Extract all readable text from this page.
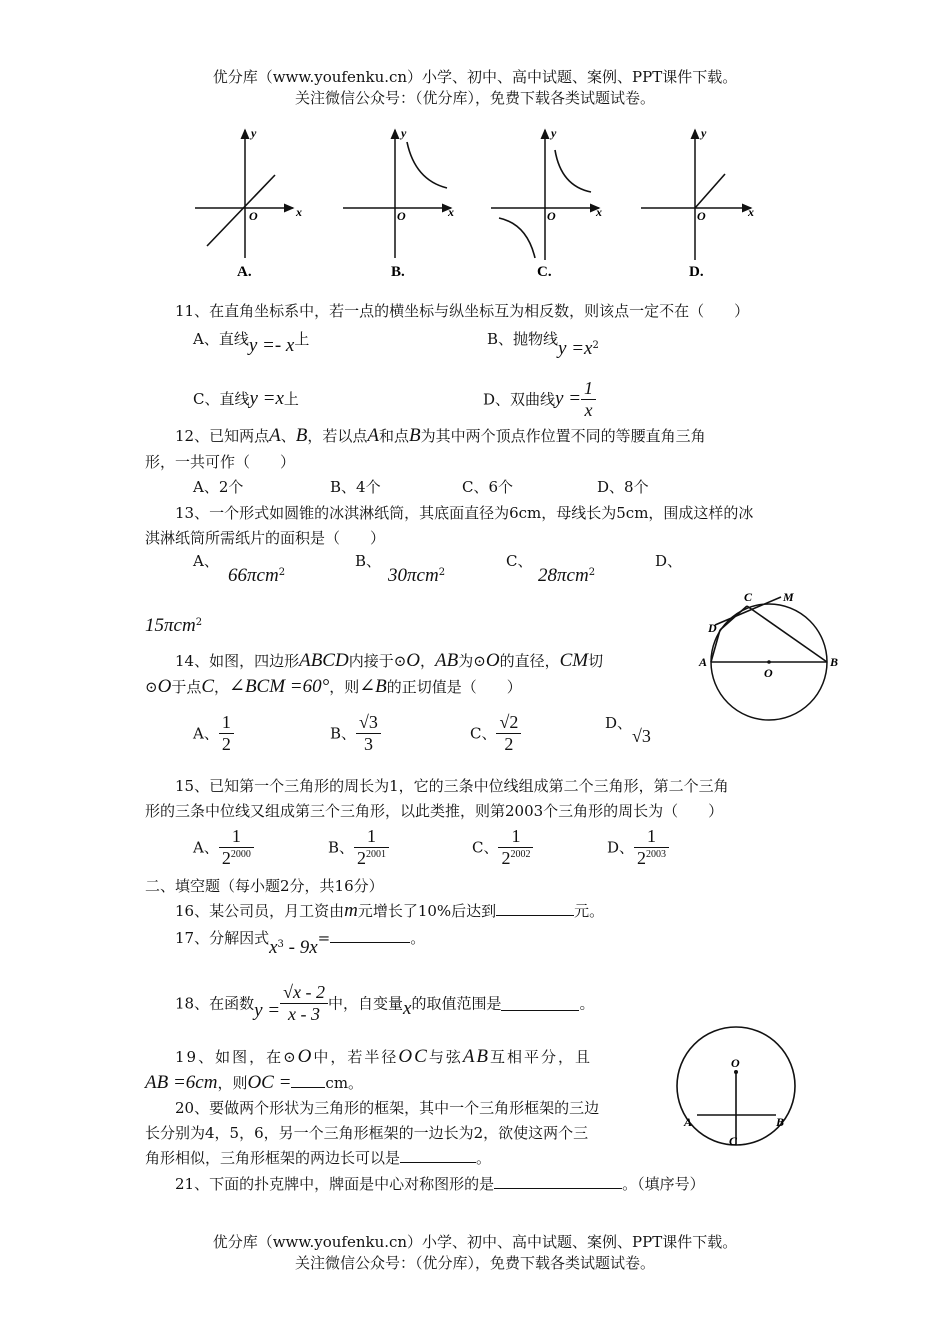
优分库（www.youfenku.cn）小学、初中、高中试题、案例、PPT课件下载。
关注微信公众号：（优分库），免费下载各类试题试卷。
x
y
O
A.
x
y
O
B.
x
y
O
C.
x
y
O
D.
11、在直角坐标系中，若一点的横坐标与纵坐标互为相反数，则该点一定不在（　　）
A、直线y =- x上	B、抛物线$y =x^2$
C、直线y =x上	D、双曲线$y = \frac{1}{x}$
12、已知两点A、B，若以点A和点B为其中两个顶点作位置不同的等腰直角三角
形，一共可作（　　）
A、2个	B、4个	C、6个	D、8个
13、一个形式如圆锥的冰淇淋纸筒，其底面直径为6cm，母线长为5cm，围成这样的冰
淇淋纸筒所需纸片的面积是（　　）
A、
66πcm$^2$
B、
30πcm$^2$
C、
28πcm$^2$
D、
15πcm$^2$
A	B
C
D
M
O
14、如图，四边形ABCD内接于⊙O，AB为⊙O的直径，CM切
⊙O于点C，∠BCM =60°，则∠B的正切值是（　　）
A、 $\frac{1}{2}$	B、 $\frac{√3}{3}$	C、 $\frac{√2}{2}$	D、√3
15、已知第一个三角形的周长为1，它的三条中位线组成第二个三角形，第二个三角
形的三条中位线又组成第三个三角形，以此类推，则第2003个三角形的周长为（　　）
A、 $\frac{1}{2^{2000}}$	B、 $\frac{1}{2^{2001}}$	C、 $\frac{1}{2^{2002}}$	D、 $\frac{1}{2^{2003}}$
二、填空题（每小题2分，共16分）
16、某公司员，月工资由m元增长了10%后达到	元。
17、分解因式$x^3 - 9x=$	。
18、在函数$y = \frac{√x - 2}{x - 3}$ 中，自变量x的取值范围是	。
O
A	B
C
19、如图，在⊙O中，若半径OC与弦AB互相平分，且
AB =6cm，则OC = cm。
20、要做两个形状为三角形的框架，其中一个三角形框架的三边
长分别为4，5，6，另一个三角形框架的一边长为2，欲使这两个三
角形相似，三角形框架的两边长可以是	。
21、下面的扑克牌中，牌面是中心对称图形的是	。（填序号）
优分库（www.youfenku.cn）小学、初中、高中试题、案例、PPT课件下载。
关注微信公众号：（优分库），免费下载各类试题试卷。
